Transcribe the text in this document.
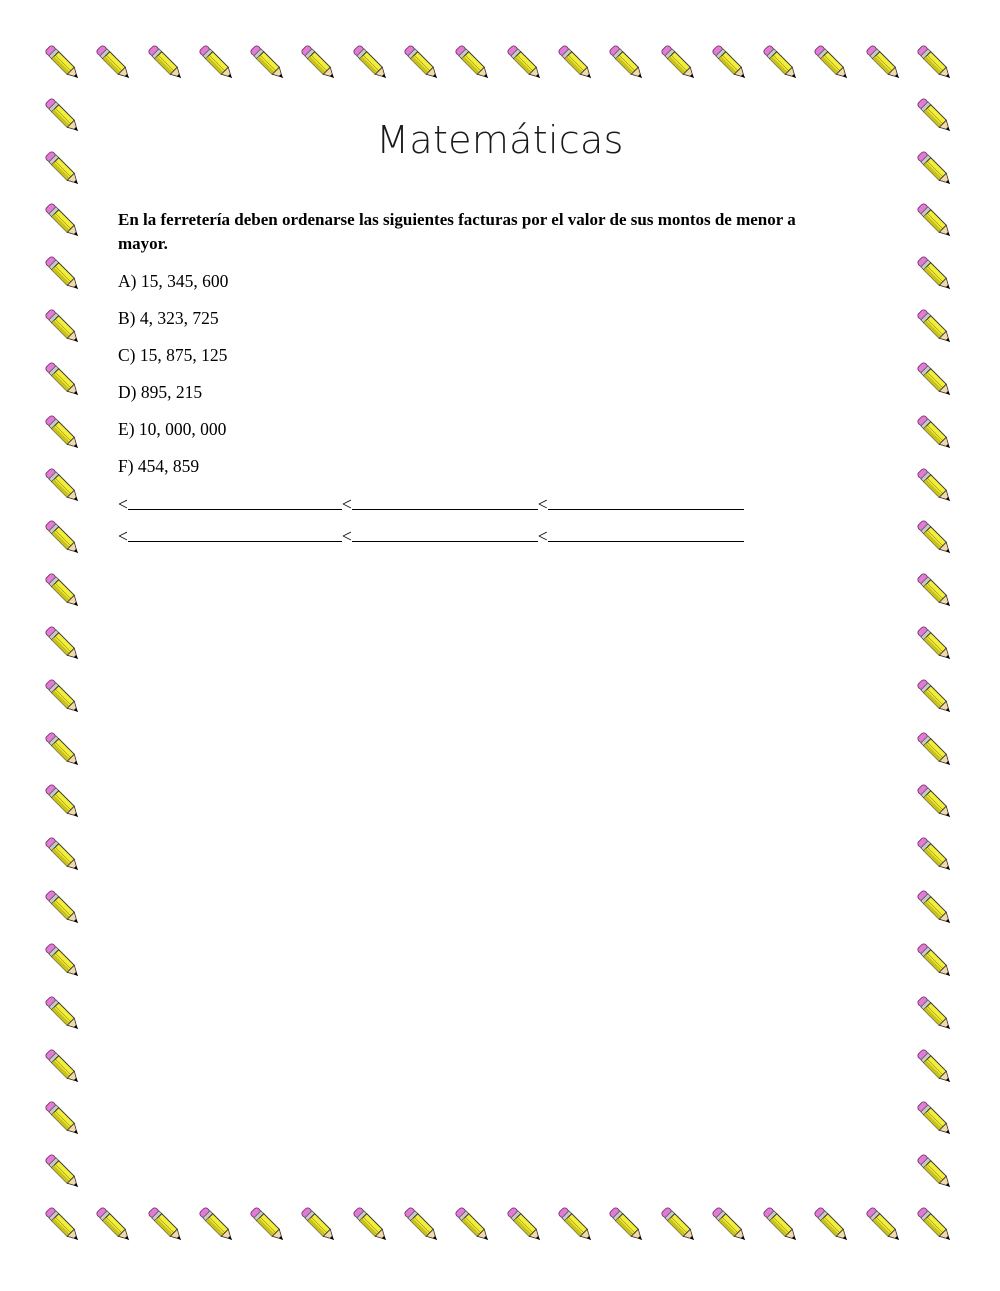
Matemáticas

En la ferretería deben ordenarse las siguientes facturas por el valor de sus montos de menor a mayor.

A) 15, 345, 600

B) 4, 323, 725

C) 15, 875, 125

D) 895, 215

E) 10, 000, 000

F) 454, 859

<	<	<
<	<	<
